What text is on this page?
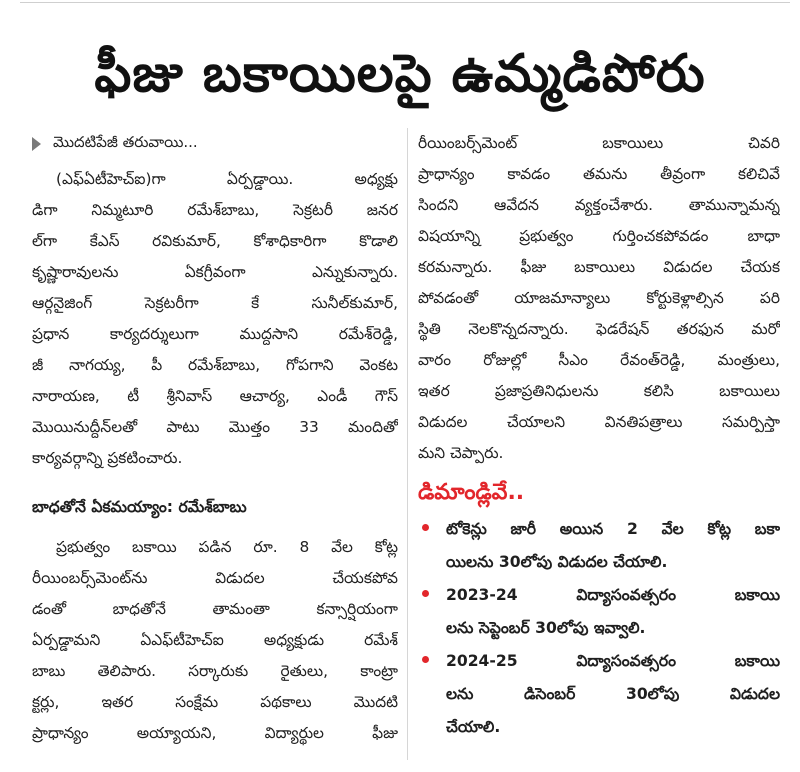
ఫీజు బకాయిలపై ఉమ్మడిపోరు
మొదటిపేజీ తరువాయి...
(ఎఫ్ఏటీహెచ్ఐ)గా ఏర్పడ్డాయి. అధ్యక్షు
డిగా నిమ్మటూరి రమేశ్‌బాబు, సెక్రటరీ జనర
ల్‌గా కేఎస్ రవికుమార్, కోశాధికారిగా కొడాలి
కృష్ణారావులను ఏకగ్రీవంగా ఎన్నుకున్నారు.
ఆర్గనైజింగ్ సెక్రటరీగా కే సునీల్‌కుమార్,
ప్రధాన కార్యదర్శులుగా ముద్దసాని రమేశ్‌రెడ్డి,
జీ నాగయ్య, పీ రమేశ్‌బాబు, గోపగాని వెంకట
నారాయణ, టీ శ్రీనివాస్ ఆచార్య, ఎండీ గౌస్
మొయినుద్దీన్‌లతో పాటు మొత్తం 33 మందితో
కార్యవర్గాన్ని ప్రకటించారు.
బాధతోనే ఏకమయ్యాం: రమేశ్‌బాబు
ప్రభుత్వం బకాయి పడిన రూ. 8 వేల కోట్ల
రీయింబర్స్‌మెంట్‌ను విడుదల చేయకపోవ
డంతో బాధతోనే తామంతా కన్సార్షియంగా
ఏర్పడ్డామని ఏఎఫ్‌టీహెచ్ఐ అధ్యక్షుడు రమేశ్
బాబు తెలిపారు. సర్కారుకు రైతులు, కాంట్రా
క్టర్లు, ఇతర సంక్షేమ పథకాలు మొదటి
ప్రాధాన్యం అయ్యాయని, విద్యార్థుల ఫీజు
రీయింబర్స్‌మెంట్ బకాయిలు చివరి
ప్రాధాన్యం కావడం తమను తీవ్రంగా కలిచివే
సిందని ఆవేదన వ్యక్తంచేశారు. తామున్నామన్న
విషయాన్ని ప్రభుత్వం గుర్తించకపోవడం బాధా
కరమన్నారు. ఫీజు బకాయిలు విడుదల చేయక
పోవడంతో యాజమాన్యాలు కోర్టుకెళ్లాల్సిన పరి
స్థితి నెలకొన్నదన్నారు. ఫెడరేషన్ తరఫున మరో
వారం రోజుల్లో సీఎం రేవంత్‌రెడ్డి, మంత్రులు,
ఇతర ప్రజాప్రతినిధులను కలిసి బకాయిలు
విడుదల చేయాలని వినతిపత్రాలు సమర్పిస్తా
మని చెప్పారు.
డిమాండ్లివే..
టోకెన్లు జారీ అయిన 2 వేల కోట్ల బకా
యిలను 30లోపు విడుదల చేయాలి.
2023-24 విద్యాసంవత్సరం బకాయి
లను సెప్టెంబర్ 30లోపు ఇవ్వాలి.
2024-25 విద్యాసంవత్సరం బకాయి
లను డిసెంబర్ 30లోపు విడుదల
చేయాలి.
